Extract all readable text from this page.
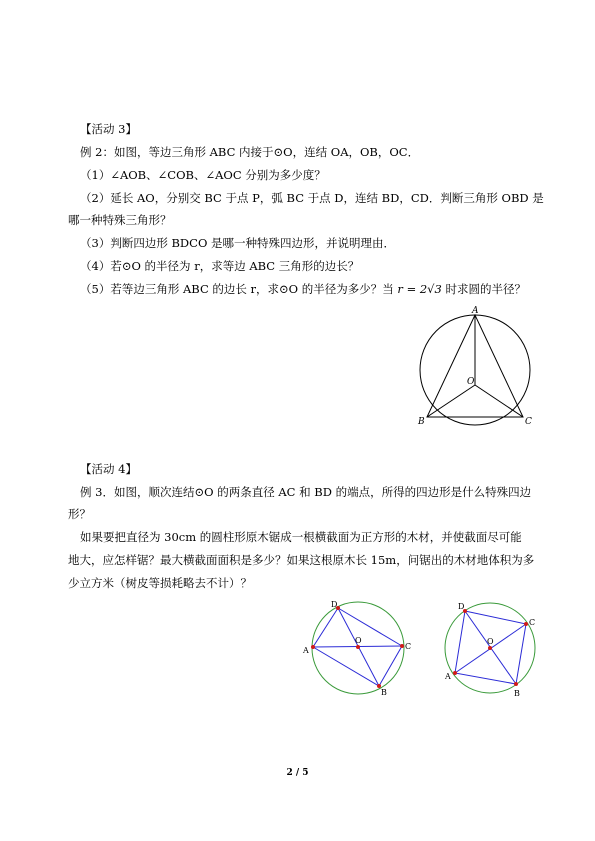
【活动 3】
例 2：如图，等边三角形 ABC 内接于⊙O，连结 OA，OB，OC．
（1）∠AOB、∠COB、∠AOC 分别为多少度？
（2）延长 AO，分别交 BC 于点 P，弧 BC 于点 D，连结 BD，CD．判断三角形 OBD 是
哪一种特殊三角形？
（3）判断四边形 BDCO 是哪一种特殊四边形，并说明理由．
（4）若⊙O 的半径为 r，求等边 ABC 三角形的边长？
（5）若等边三角形 ABC 的边长 r，求⊙O 的半径为多少？当 r = 2√3 时求圆的半径？
A
B	C
O
【活动 4】
例 3．如图，顺次连结⊙O 的两条直径 AC 和 BD 的端点，所得的四边形是什么特殊四边
形？
如果要把直径为 30cm 的圆柱形原木锯成一根横截面为正方形的木材，并使截面尽可能
地大，应怎样锯？最大横截面面积是多少？如果这根原木长 15m，问锯出的木材地体积为多
少立方米（树皮等损耗略去不计）？
D
C
B
A
O
D
C
B
A
O
2 / 5
